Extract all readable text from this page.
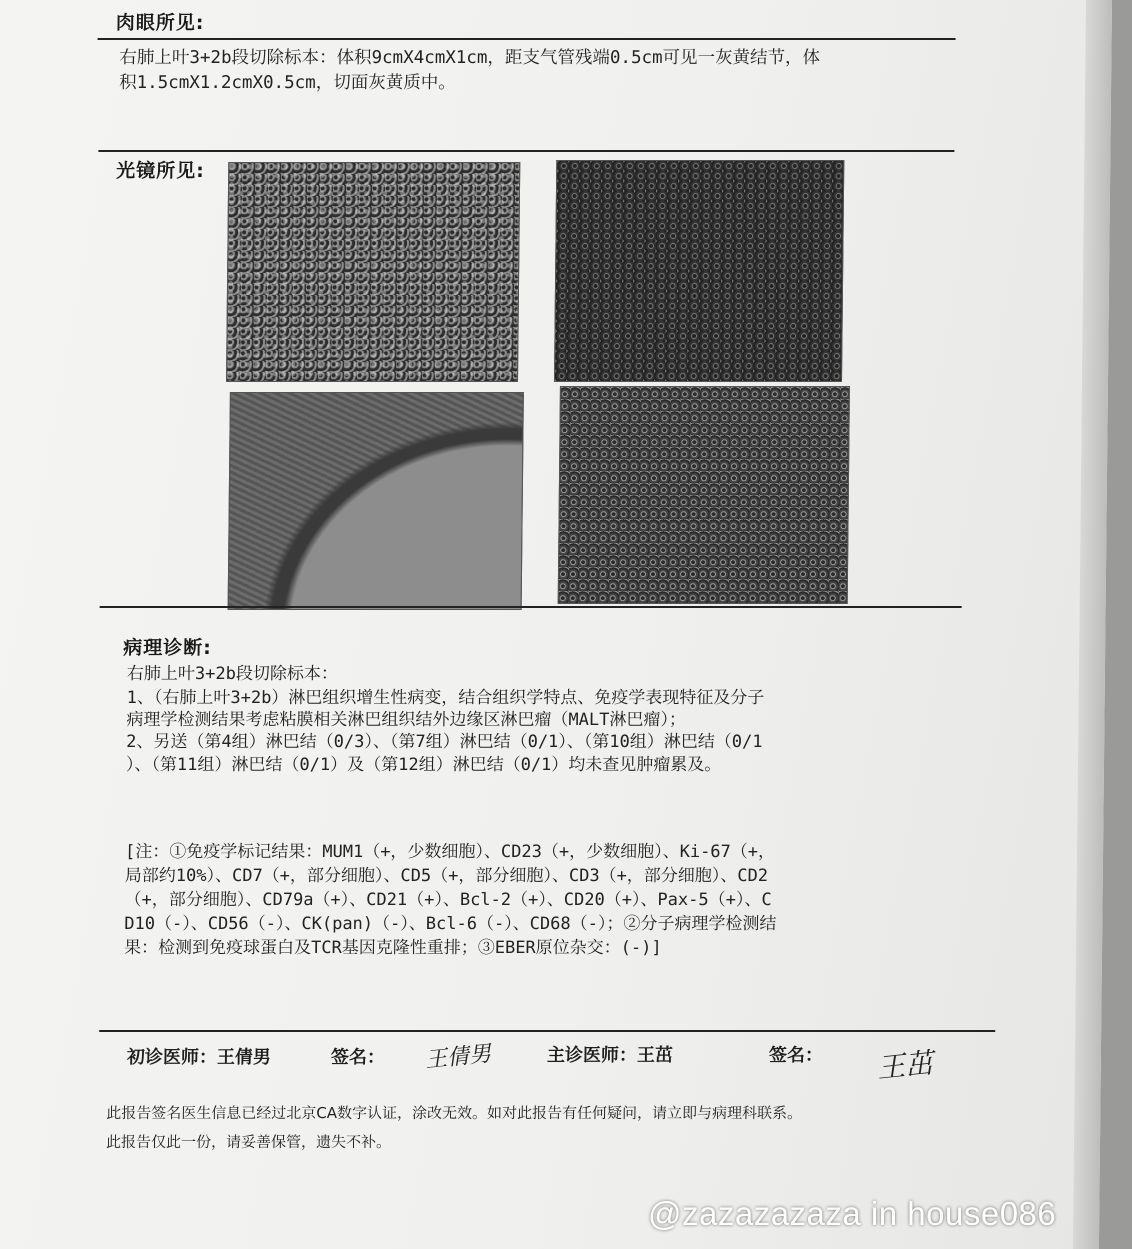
肉眼所见:
右肺上叶3+2b段切除标本：体积9cmX4cmX1cm，距支气管残端0.5cm可见一灰黄结节，体
积1.5cmX1.2cmX0.5cm，切面灰黄质中。
光镜所见:
病理诊断:
右肺上叶3+2b段切除标本：
1、（右肺上叶3+2b）淋巴组织增生性病变，结合组织学特点、免疫学表现特征及分子
病理学检测结果考虑粘膜相关淋巴组织结外边缘区淋巴瘤（MALT淋巴瘤）；
2、另送（第4组）淋巴结（0/3）、（第7组）淋巴结（0/1）、（第10组）淋巴结（0/1
）、（第11组）淋巴结（0/1）及（第12组）淋巴结（0/1）均未查见肿瘤累及。
[注：①免疫学标记结果：MUM1（+，少数细胞）、CD23（+，少数细胞）、Ki-67（+，
局部约10%）、CD7（+，部分细胞）、CD5（+，部分细胞）、CD3（+，部分细胞）、CD2
（+，部分细胞）、CD79a（+）、CD21（+）、Bcl-2（+）、CD20（+）、Pax-5（+）、C
D10（-）、CD56（-）、CK(pan)（-）、Bcl-6（-）、CD68（-）；②分子病理学检测结
果：检测到免疫球蛋白及TCR基因克隆性重排；③EBER原位杂交：(-)]
初诊医师：王倩男	签名： 王倩男	主诊医师：王茁	签名： 王茁
此报告签名医生信息已经过北京CA数字认证，涂改无效。如对此报告有任何疑问，请立即与病理科联系。
此报告仅此一份，请妥善保管，遗失不补。
@zazazazaza in house086
